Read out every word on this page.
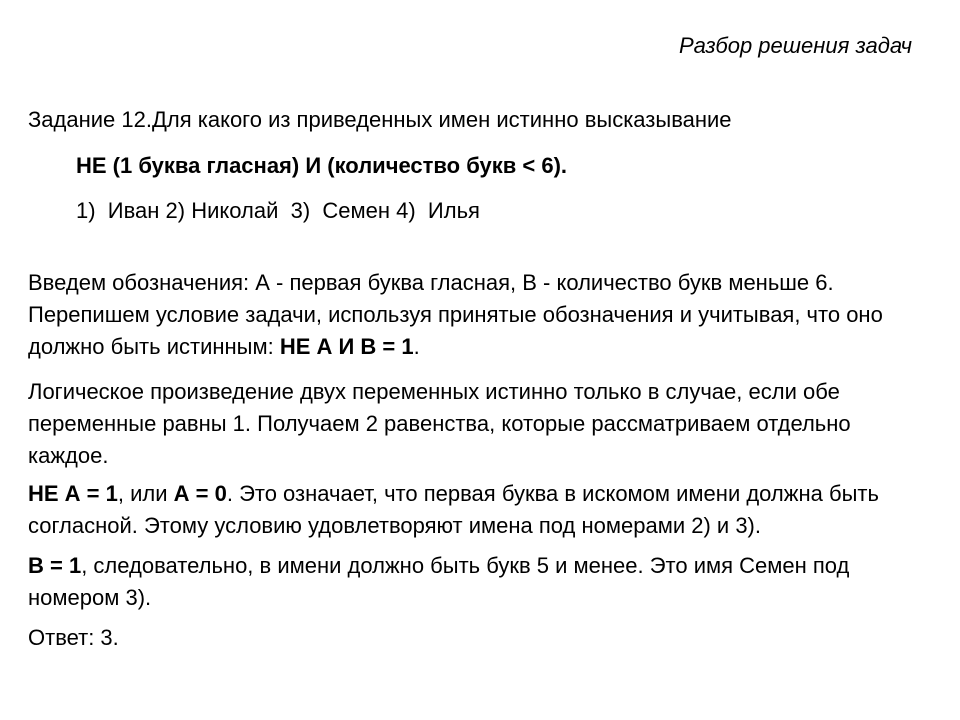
Разбор решения задач

Задание 12.Для какого из приведенных имен истинно высказывание

НЕ (1 буква гласная) И (количество букв < 6).

1)  Иван 2) Николай  3)  Семен 4)  Илья

Введем обозначения: А - первая буква гласная, В - количество букв меньше 6. Перепишем условие задачи, используя принятые обозначения и учитывая, что оно должно быть истинным: НЕ А И В = 1.

Логическое произведение двух переменных истинно только в случае, если обе переменные равны 1. Получаем 2 равенства, которые рассматриваем отдельно каждое.

НЕ А = 1, или А = 0. Это означает, что первая буква в искомом имени должна быть согласной. Этому условию удовлетворяют имена под номерами 2) и 3).

В = 1, следовательно, в имени должно быть букв 5 и менее. Это имя Семен под номером 3).

Ответ: 3.
